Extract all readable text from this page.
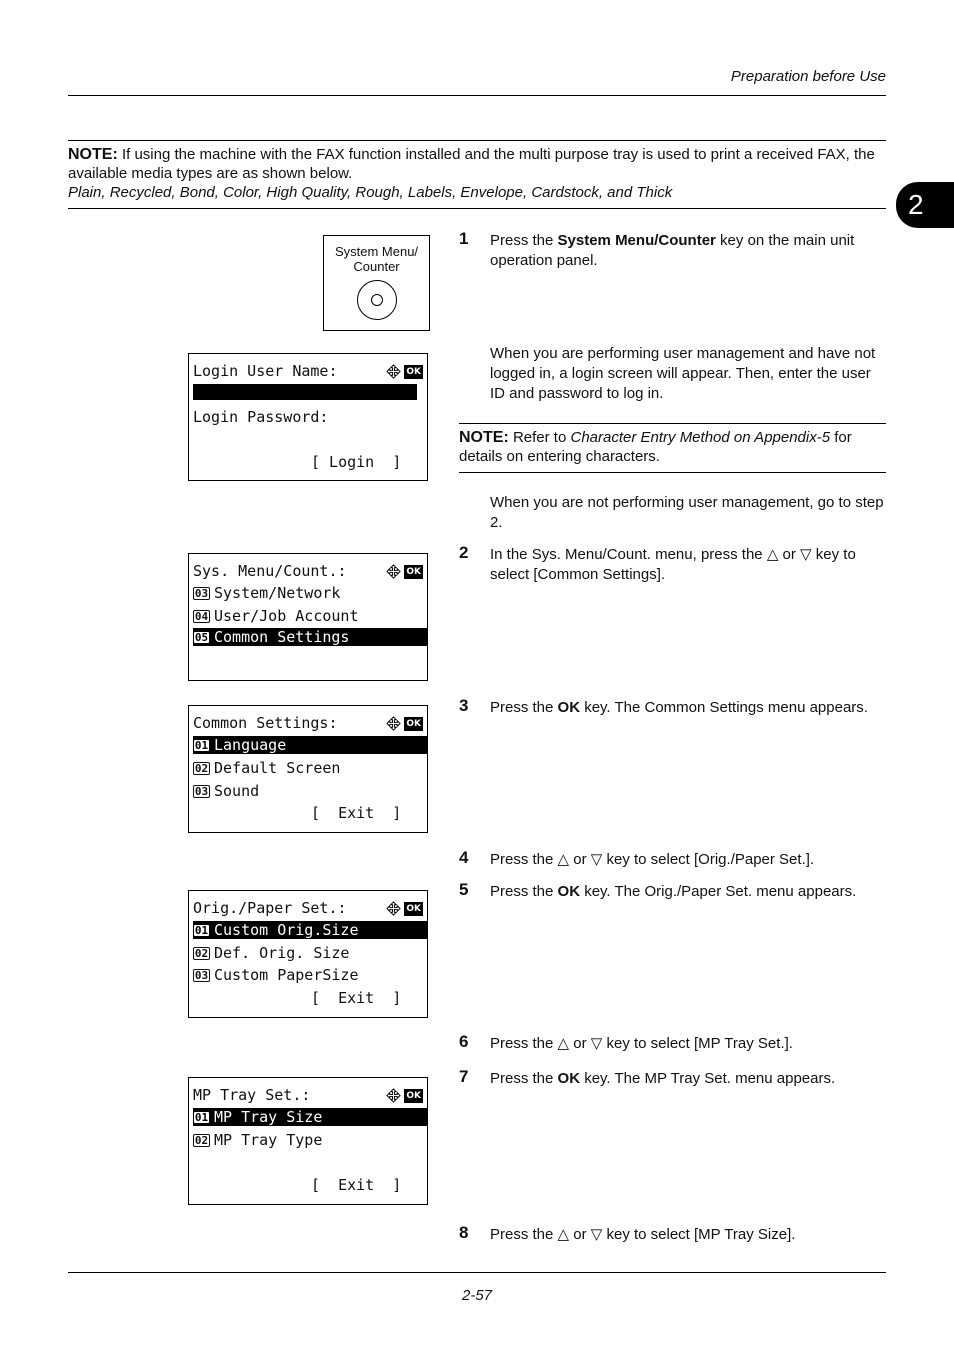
Preparation before Use
2
NOTE: If using the machine with the FAX function installed and the multi purpose tray is used to print a received FAX, the available media types are as shown below.
Plain, Recycled, Bond, Color, High Quality, Rough, Labels, Envelope, Cardstock, and Thick
System Menu/
Counter
Login User Name:	OK
Login Password:
[ Login  ]
Sys. Menu/Count.:	OK
03 System/Network
04 User/Job Account
05 Common Settings
Common Settings:	OK
01 Language
02 Default Screen
03 Sound
[  Exit  ]
Orig./Paper Set.:	OK
01 Custom Orig.Size
02 Def. Orig. Size
03 Custom PaperSize
[  Exit  ]
MP Tray Set.:	OK
01 MP Tray Size
02 MP Tray Type
[  Exit  ]
1 Press the System Menu/Counter key on the main unit operation panel.
When you are performing user management and have not logged in, a login screen will appear. Then, enter the user ID and password to log in.
NOTE: Refer to Character Entry Method on Appendix-5 for details on entering characters.
When you are not performing user management, go to step 2.
2 In the Sys. Menu/Count. menu, press the △ or ▽ key to select [Common Settings].
3 Press the OK key. The Common Settings menu appears.
4 Press the △ or ▽ key to select [Orig./Paper Set.].
5 Press the OK key. The Orig./Paper Set. menu appears.
6 Press the △ or ▽ key to select [MP Tray Set.].
7 Press the OK key. The MP Tray Set. menu appears.
8 Press the △ or ▽ key to select [MP Tray Size].
2-57
